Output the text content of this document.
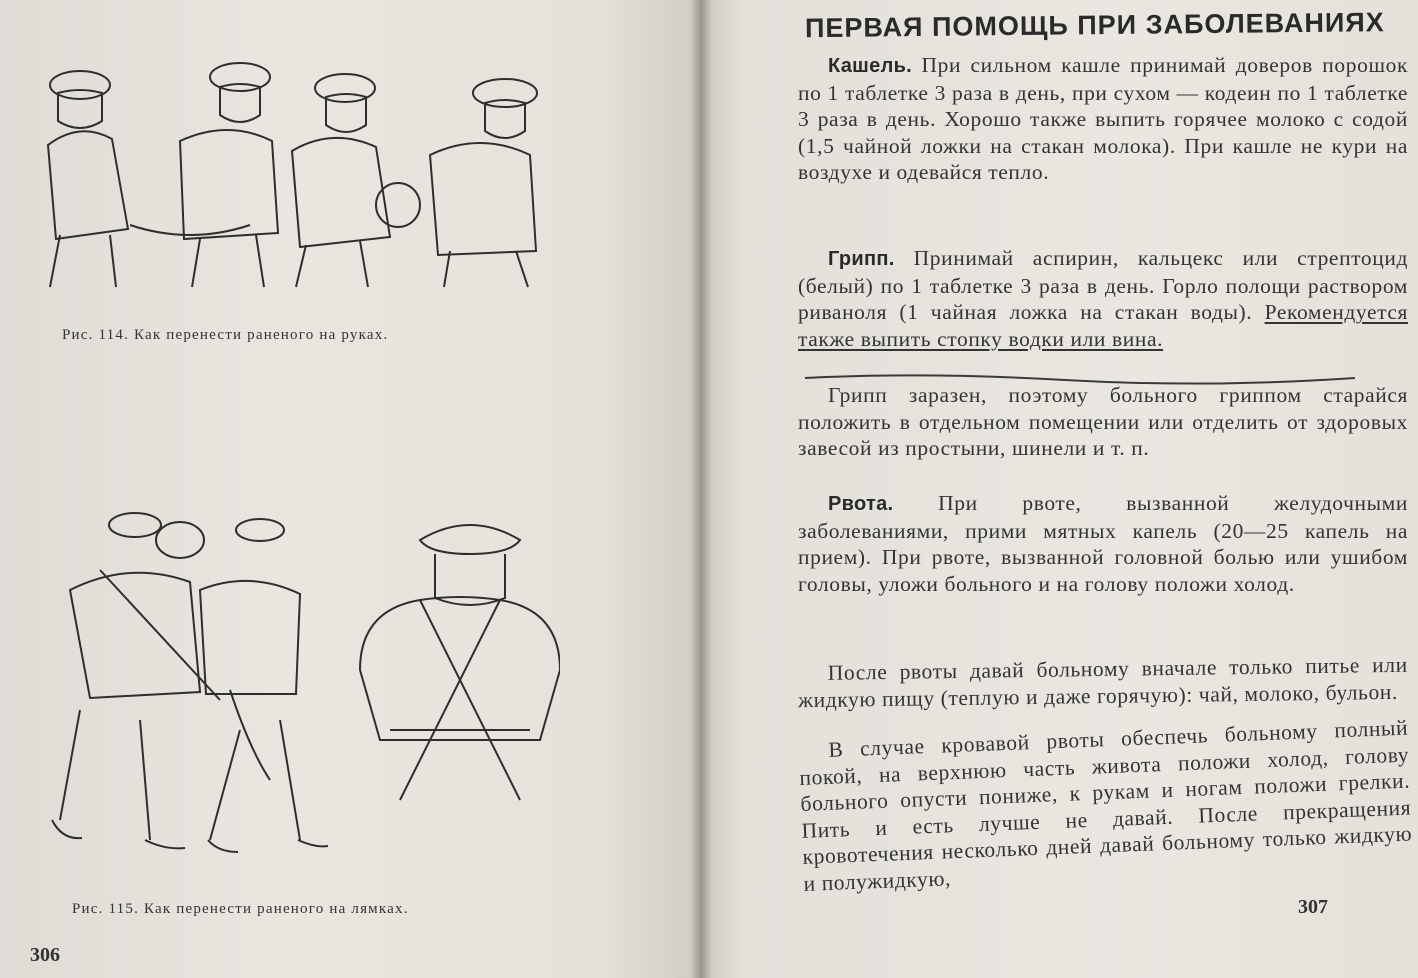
Рис. 114. Как перенести раненого на руках.
Рис. 115. Как перенести раненого на лямках.
306
ПЕРВАЯ ПОМОЩЬ ПРИ ЗАБОЛЕВАНИЯХ

Кашель. При сильном кашле принимай доверов порошок по 1 таблетке 3 раза в день, при сухом — кодеин по 1 таблетке 3 раза в день. Хорошо также выпить горячее молоко с содой (1,5 чайной ложки на стакан молока). При кашле не кури на воздухе и одевайся тепло.

Грипп. Принимай аспирин, кальцекс или стрептоцид (белый) по 1 таблетке 3 раза в день. Горло полощи раствором риваноля (1 чайная ложка на стакан воды). Рекомендуется также выпить стопку водки или вина.

Грипп заразен, поэтому больного гриппом старайся положить в отдельном помещении или отделить от здоровых завесой из простыни, шинели и т. п.

Рвота. При рвоте, вызванной желудочными заболеваниями, прими мятных капель (20—25 капель на прием). При рвоте, вызванной головной болью или ушибом головы, уложи больного и на голову положи холод.

После рвоты давай больному вначале только питье или жидкую пищу (теплую и даже горячую): чай, молоко, бульон.

В случае кровавой рвоты обеспечь больному полный покой, на верхнюю часть живота положи холод, голову больного опусти пониже, к рукам и ногам положи грелки. Пить и есть лучше не давай. После прекращения кровотечения несколько дней давай больному только жидкую и полужидкую,

307
